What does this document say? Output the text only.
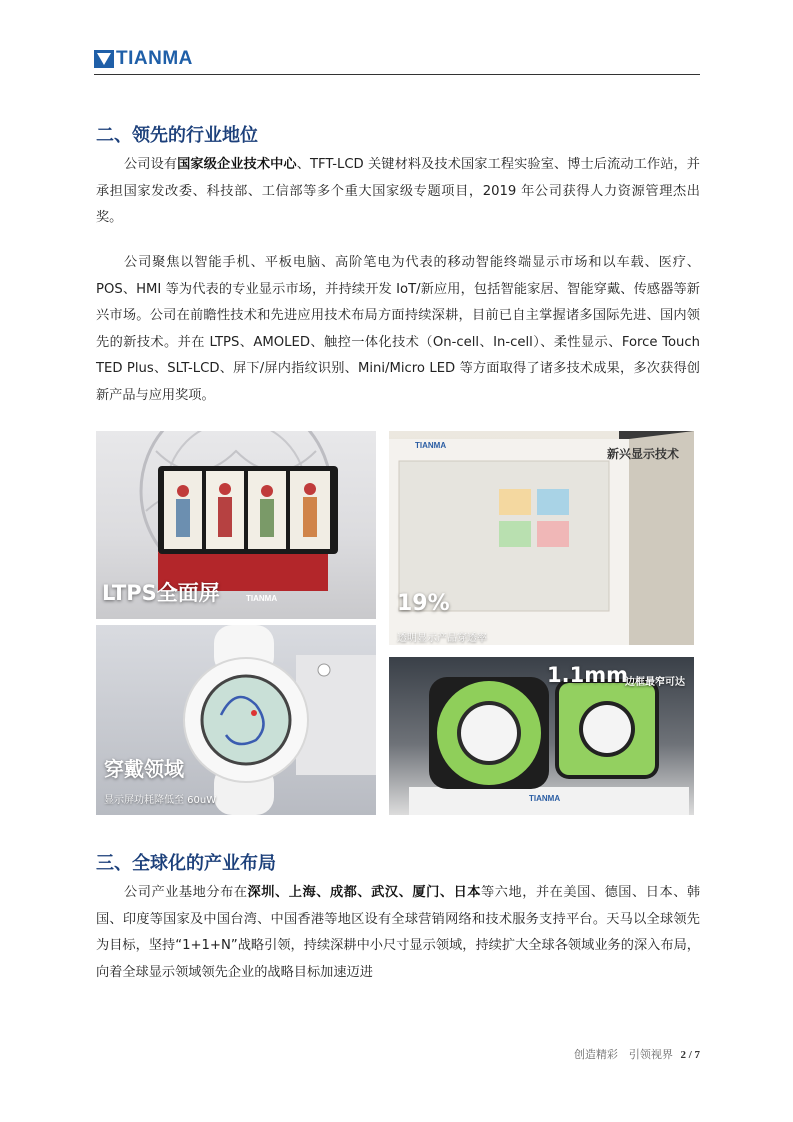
TIANMA
二、领先的行业地位

公司设有国家级企业技术中心、TFT-LCD 关键材料及技术国家工程实验室、博士后流动工作站，并承担国家发改委、科技部、工信部等多个重大国家级专题项目，2019 年公司获得人力资源管理杰出奖。

公司聚焦以智能手机、平板电脑、高阶笔电为代表的移动智能终端显示市场和以车载、医疗、POS、HMI 等为代表的专业显示市场，并持续开发 IoT/新应用，包括智能家居、智能穿戴、传感器等新兴市场。公司在前瞻性技术和先进应用技术布局方面持续深耕，目前已自主掌握诸多国际先进、国内领先的新技术。并在 LTPS、AMOLED、触控一体化技术（On-cell、In-cell）、柔性显示、Force Touch TED Plus、SLT-LCD、屏下/屏内指纹识别、Mini/Micro LED 等方面取得了诸多技术成果，多次获得创新产品与应用奖项。

LTPS全面屏	TIANMA
新兴显示技术
TIANMA
19%
透明显示产品穿透率
穿戴领域
显示屏功耗降低至 60uW
1.1mm
边框最窄可达
TIANMA
三、全球化的产业布局

公司产业基地分布在深圳、上海、成都、武汉、厦门、日本等六地，并在美国、德国、日本、韩国、印度等国家及中国台湾、中国香港等地区设有全球营销网络和技术服务支持平台。天马以全球领先为目标，坚持“1+1+N”战略引领，持续深耕中小尺寸显示领域，持续扩大全球各领域业务的深入布局，向着全球显示领域领先企业的战略目标加速迈进

创造精彩　引领视界 2 / 7
